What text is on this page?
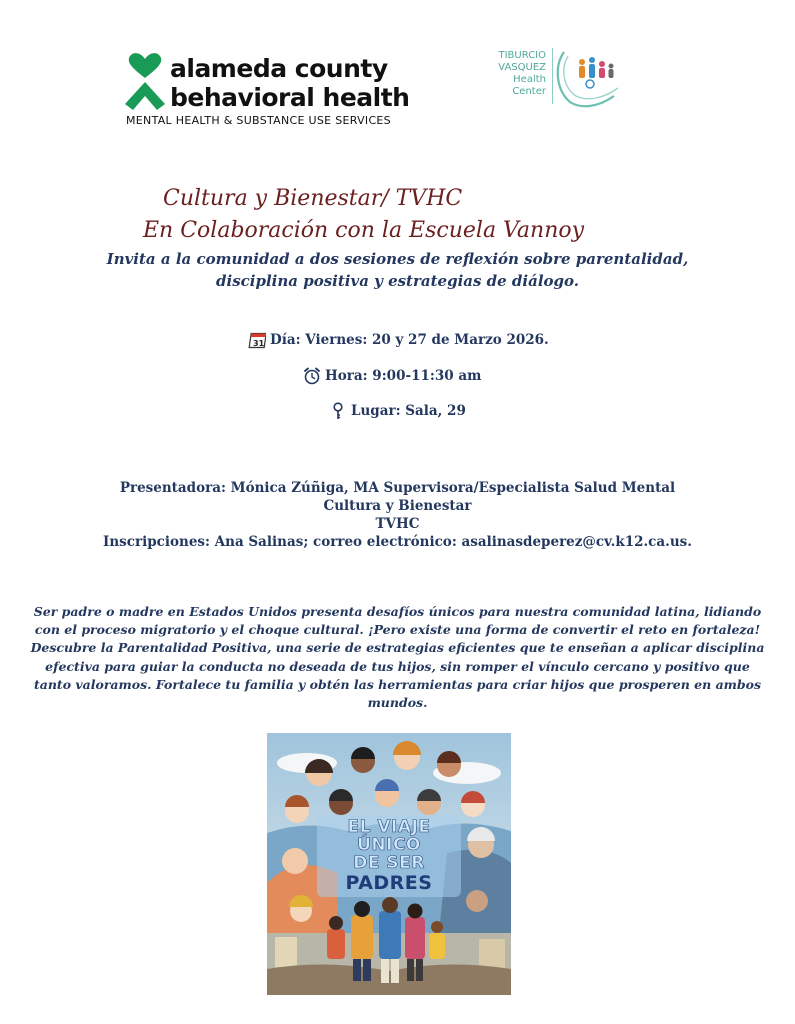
alameda county
behavioral health
MENTAL HEALTH & SUBSTANCE USE SERVICES
TIBURCIO
VASQUEZ
Health
Center
Cultura y Bienestar/ TVHC
En Colaboración con la Escuela Vannoy
Invita a la comunidad a dos sesiones de reflexión sobre parentalidad,
disciplina positiva y estrategias de diálogo.
31 Día: Viernes: 20 y 27 de Marzo 2026.
Hora: 9:00-11:30 am
Lugar: Sala, 29
Presentadora: Mónica Zúñiga, MA Supervisora/Especialista Salud Mental
Cultura y Bienestar
TVHC
Inscripciones: Ana Salinas; correo electrónico: asalinasdeperez@cv.k12.ca.us.
Ser padre o madre en Estados Unidos presenta desafíos únicos para nuestra comunidad latina, lidiando
con el proceso migratorio y el choque cultural. ¡Pero existe una forma de convertir el reto en fortaleza!
Descubre la Parentalidad Positiva, una serie de estrategias eficientes que te enseñan a aplicar disciplina
efectiva para guiar la conducta no deseada de tus hijos, sin romper el vínculo cercano y positivo que
tanto valoramos. Fortalece tu familia y obtén las herramientas para criar hijos que prosperen en ambos
mundos.
EL VIAJE
ÚNICO
DE SER
PADRES
